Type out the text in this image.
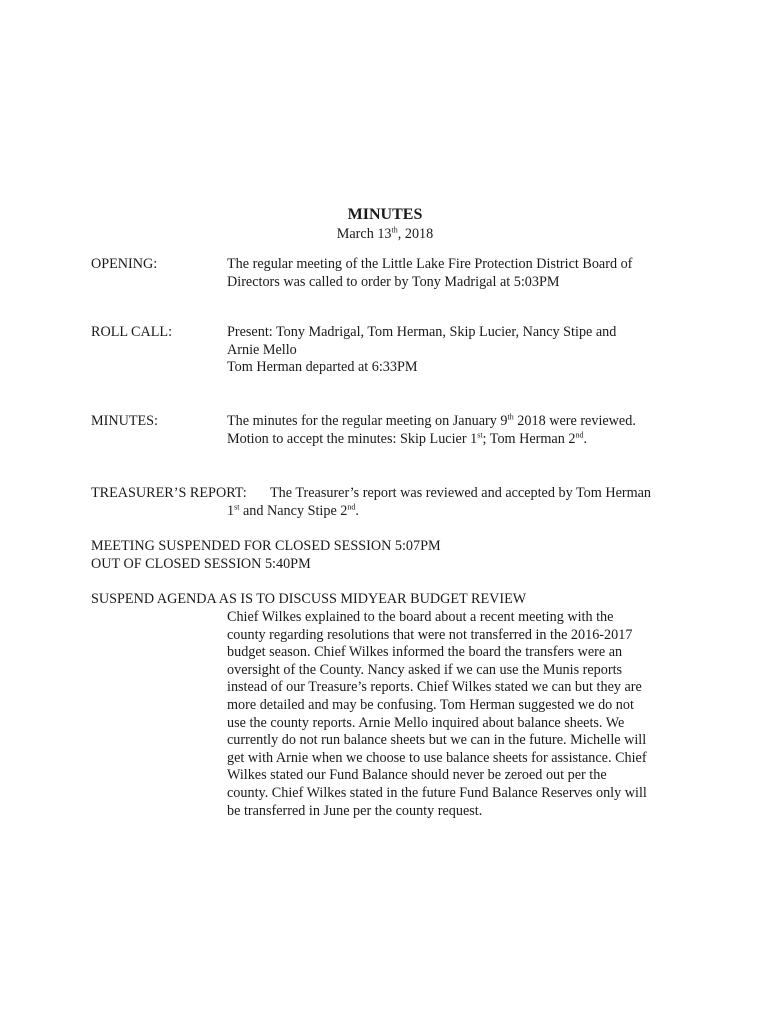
MINUTES
March 13th, 2018
OPENING:	The regular meeting of the Little Lake Fire Protection District Board of
Directors was called to order by Tony Madrigal at 5:03PM
ROLL CALL:	Present: Tony Madrigal, Tom Herman, Skip Lucier, Nancy Stipe and
Arnie Mello
Tom Herman departed at 6:33PM
MINUTES:	The minutes for the regular meeting on January 9th 2018 were reviewed.
Motion to accept the minutes: Skip Lucier 1st; Tom Herman 2nd.
TREASURER’S REPORT: The Treasurer’s report was reviewed and accepted by Tom Herman
1st and Nancy Stipe 2nd.
MEETING SUSPENDED FOR CLOSED SESSION 5:07PM
OUT OF CLOSED SESSION 5:40PM
SUSPEND AGENDA AS IS TO DISCUSS MIDYEAR BUDGET REVIEW
Chief Wilkes explained to the board about a recent meeting with the
county regarding resolutions that were not transferred in the 2016-2017
budget season. Chief Wilkes informed the board the transfers were an
oversight of the County. Nancy asked if we can use the Munis reports
instead of our Treasure’s reports. Chief Wilkes stated we can but they are
more detailed and may be confusing. Tom Herman suggested we do not
use the county reports. Arnie Mello inquired about balance sheets. We
currently do not run balance sheets but we can in the future. Michelle will
get with Arnie when we choose to use balance sheets for assistance. Chief
Wilkes stated our Fund Balance should never be zeroed out per the
county. Chief Wilkes stated in the future Fund Balance Reserves only will
be transferred in June per the county request.
